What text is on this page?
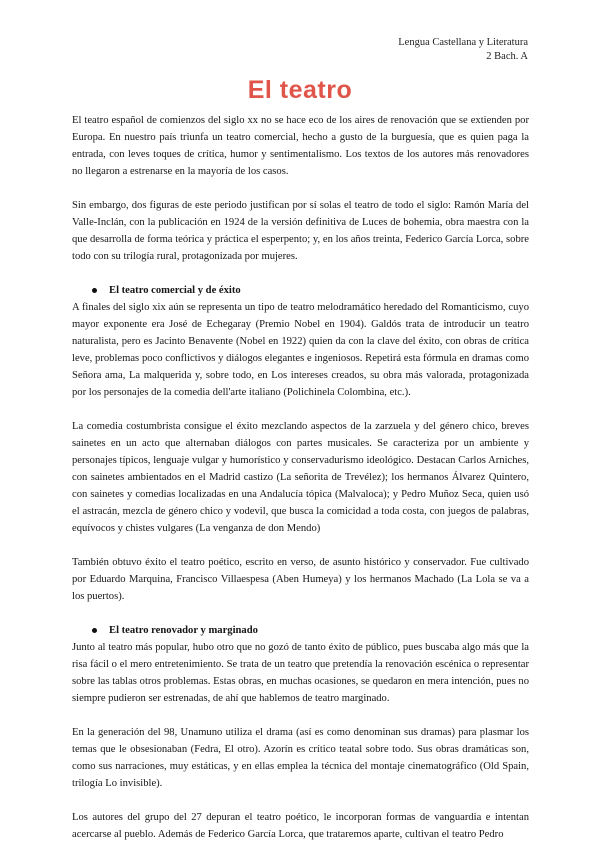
Lengua Castellana y Literatura
2 Bach. A
El teatro

El teatro español de comienzos del siglo xx no se hace eco de los aires de renovación que se extienden por Europa. En nuestro país triunfa un teatro comercial, hecho a gusto de la burguesía, que es quien paga la entrada, con leves toques de crítica, humor y sentimentalismo. Los textos de los autores más renovadores no llegaron a estrenarse en la mayoría de los casos.

Sin embargo, dos figuras de este periodo justifican por sí solas el teatro de todo el siglo: Ramón María del Valle-Inclán, con la publicación en 1924 de la versión definitiva de Luces de bohemia, obra maestra con la que desarrolla de forma teórica y práctica el esperpento; y, en los años treinta, Federico García Lorca, sobre todo con su trilogía rural, protagonizada por mujeres.

El teatro comercial y de éxito

A finales del siglo xix aún se representa un tipo de teatro melodramático heredado del Romanticismo, cuyo mayor exponente era José de Echegaray (Premio Nobel en 1904). Galdós trata de introducir un teatro naturalista, pero es Jacinto Benavente (Nobel en 1922) quien da con la clave del éxito, con obras de crítica leve, problemas poco conflictivos y diálogos elegantes e ingeniosos. Repetirá esta fórmula en dramas como Señora ama, La malquerida y, sobre todo, en Los intereses creados, su obra más valorada, protagonizada por los personajes de la comedia dell'arte italiano (Polichinela Colombina, etc.).

La comedia costumbrista consigue el éxito mezclando aspectos de la zarzuela y del género chico, breves sainetes en un acto que alternaban diálogos con partes musicales. Se caracteriza por un ambiente y personajes típicos, lenguaje vulgar y humorístico y conservadurismo ideológico. Destacan Carlos Arniches, con sainetes ambientados en el Madrid castizo (La señorita de Trevélez); los hermanos Álvarez Quintero, con sainetes y comedias localizadas en una Andalucía tópica (Malvaloca); y Pedro Muñoz Seca, quien usó el astracán, mezcla de género chico y vodevil, que busca la comicidad a toda costa, con juegos de palabras, equívocos y chistes vulgares (La venganza de don Mendo)

También obtuvo éxito el teatro poético, escrito en verso, de asunto histórico y conservador. Fue cultivado por Eduardo Marquina, Francisco Villaespesa (Aben Humeya) y los hermanos Machado (La Lola se va a los puertos).

El teatro renovador y marginado

Junto al teatro más popular, hubo otro que no gozó de tanto éxito de público, pues buscaba algo más que la risa fácil o el mero entretenimiento. Se trata de un teatro que pretendía la renovación escénica o representar sobre las tablas otros problemas. Estas obras, en muchas ocasiones, se quedaron en mera intención, pues no siempre pudieron ser estrenadas, de ahí que hablemos de teatro marginado.

En la generación del 98, Unamuno utiliza el drama (así es como denominan sus dramas) para plasmar los temas que le obsesionaban (Fedra, El otro). Azorín es crítico teatal sobre todo. Sus obras dramáticas son, como sus narraciones, muy estáticas, y en ellas emplea la técnica del montaje cinematográfico (Old Spain, trilogía Lo invisible).

Los autores del grupo del 27 depuran el teatro poético, le incorporan formas de vanguardia e intentan acercarse al pueblo. Además de Federico García Lorca, que trataremos aparte, cultivan el teatro Pedro
